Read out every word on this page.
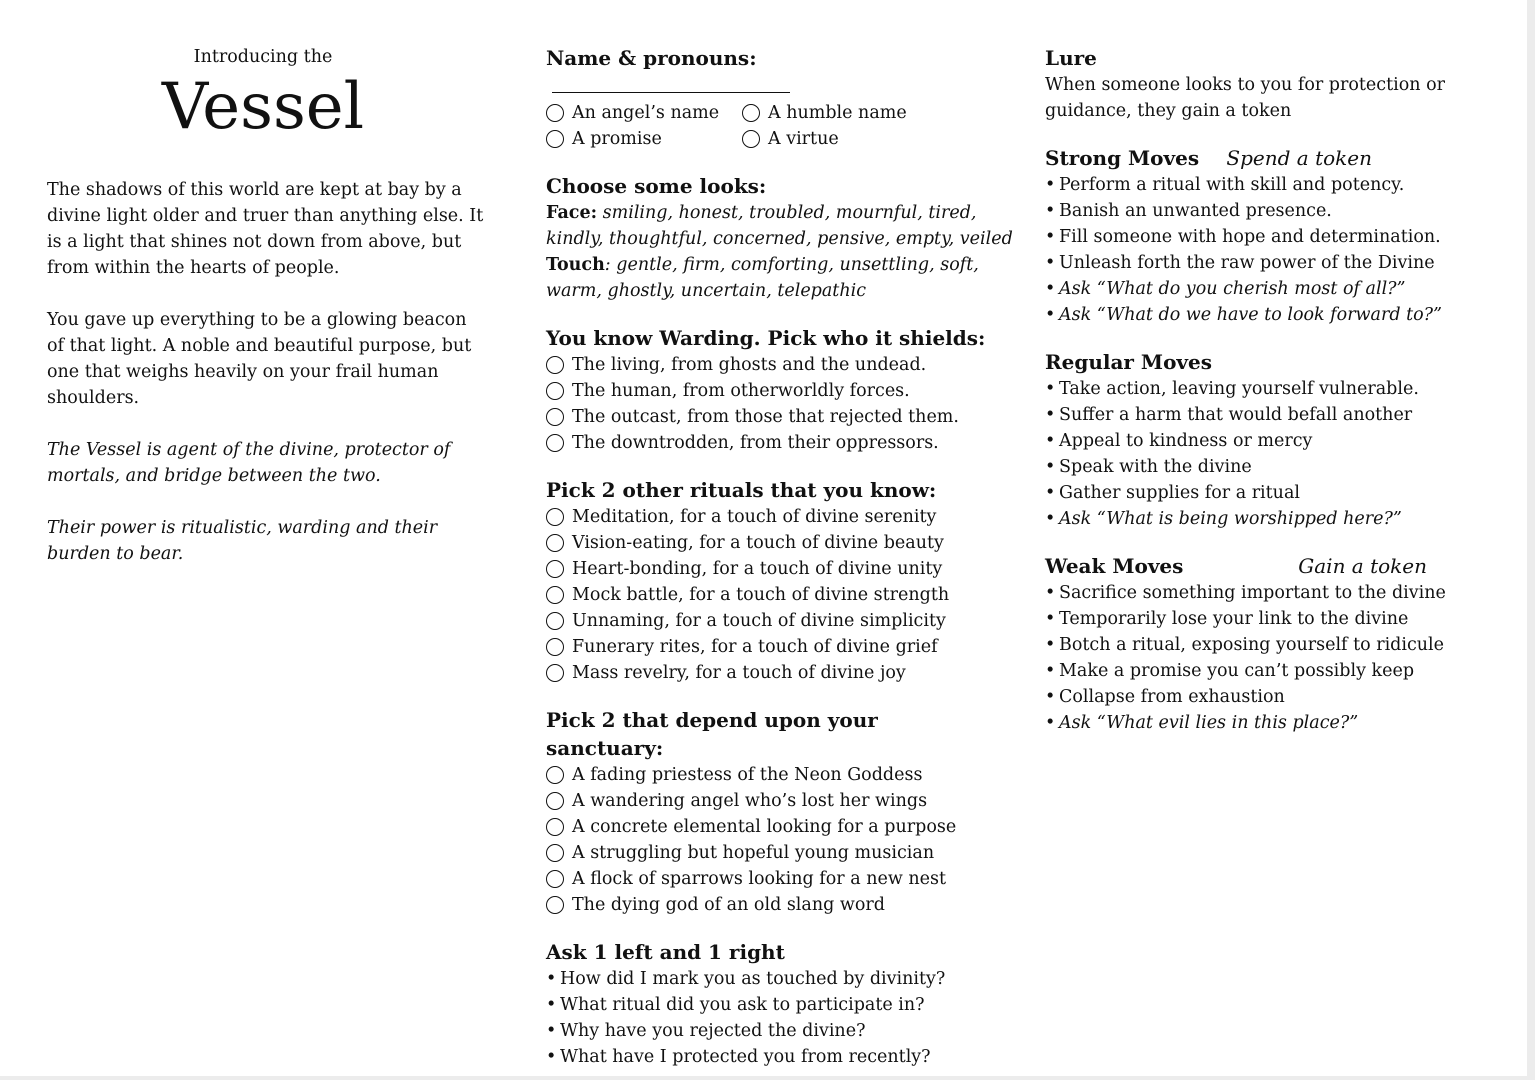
Introducing the
Vessel

The shadows of this world are kept at bay by a divine light older and truer than anything else. It is a light that shines not down from above, but from within the hearts of people.

You gave up everything to be a glowing beacon of that light. A noble and beautiful purpose, but one that weighs heavily on your frail human shoulders.

The Vessel is agent of the divine, protector of mortals, and bridge between the two.

Their power is ritualistic, warding and their burden to bear.

Name & pronouns:
An angel’s name	A humble name
A promise	A virtue
Choose some looks:
Face: smiling, honest, troubled, mournful, tired,
kindly, thoughtful, concerned, pensive, empty, veiled
Touch: gentle, firm, comforting, unsettling, soft,
warm, ghostly, uncertain, telepathic
You know Warding. Pick who it shields:
The living, from ghosts and the undead.
The human, from otherworldly forces.
The outcast, from those that rejected them.
The downtrodden, from their oppressors.
Pick 2 other rituals that you know:
Meditation, for a touch of divine serenity
Vision-eating, for a touch of divine beauty
Heart-bonding, for a touch of divine unity
Mock battle, for a touch of divine strength
Unnaming, for a touch of divine simplicity
Funerary rites, for a touch of divine grief
Mass revelry, for a touch of divine joy
Pick 2 that depend upon your sanctuary:
A fading priestess of the Neon Goddess
A wandering angel who’s lost her wings
A concrete elemental looking for a purpose
A struggling but hopeful young musician
A flock of sparrows looking for a new nest
The dying god of an old slang word
Ask 1 left and 1 right
• How did I mark you as touched by divinity?
• What ritual did you ask to participate in?
• Why have you rejected the divine?
• What have I protected you from recently?
Lure
When someone looks to you for protection or
guidance, they gain a token
Strong Moves Spend a token
• Perform a ritual with skill and potency.
• Banish an unwanted presence.
• Fill someone with hope and determination.
• Unleash forth the raw power of the Divine
• Ask “What do you cherish most of all?”
• Ask “What do we have to look forward to?”
Regular Moves
• Take action, leaving yourself vulnerable.
• Suffer a harm that would befall another
• Appeal to kindness or mercy
• Speak with the divine
• Gather supplies for a ritual
• Ask “What is being worshipped here?”
Weak Moves	Gain a token
• Sacrifice something important to the divine
• Temporarily lose your link to the divine
• Botch a ritual, exposing yourself to ridicule
• Make a promise you can’t possibly keep
• Collapse from exhaustion
• Ask “What evil lies in this place?”
